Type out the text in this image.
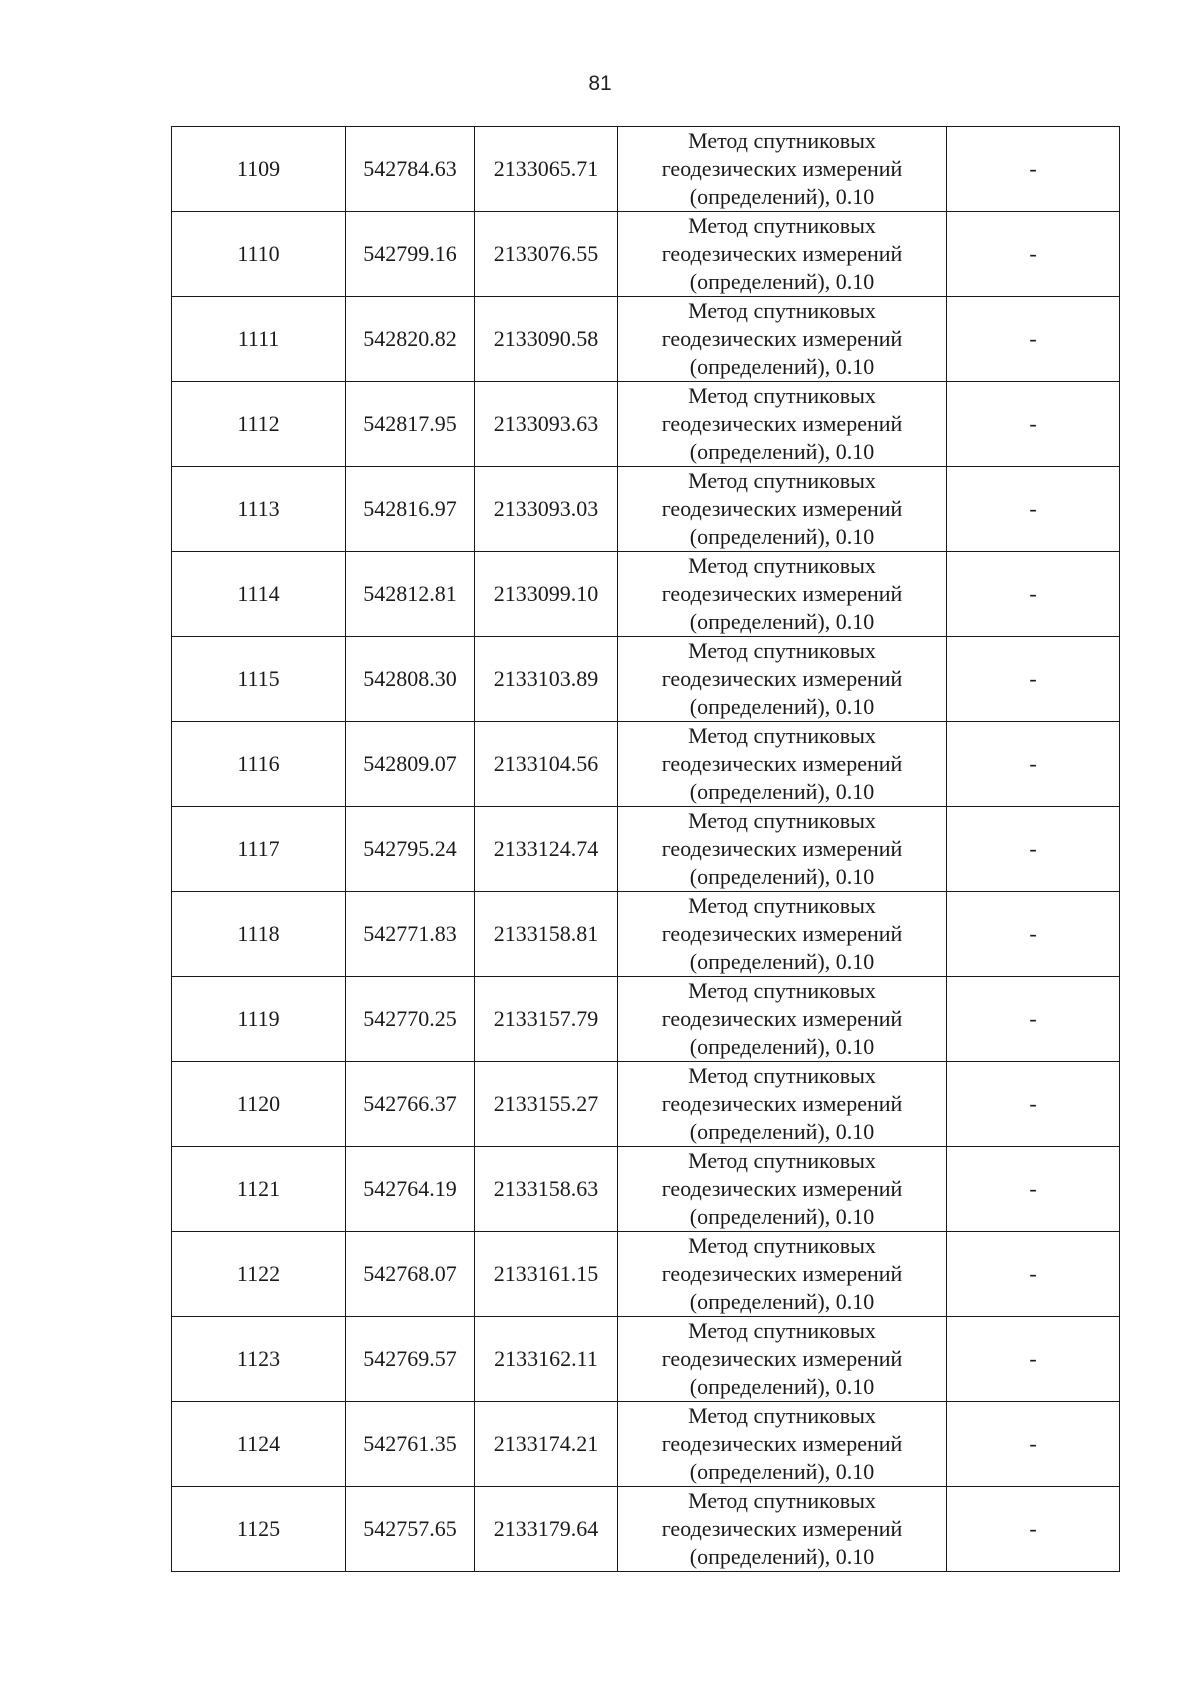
81
1109	542784.63	2133065.71	Метод спутниковых
геодезических измерений
(определений), 0.10	-
1110	542799.16	2133076.55	Метод спутниковых
геодезических измерений
(определений), 0.10	-
1111	542820.82	2133090.58	Метод спутниковых
геодезических измерений
(определений), 0.10	-
1112	542817.95	2133093.63	Метод спутниковых
геодезических измерений
(определений), 0.10	-
1113	542816.97	2133093.03	Метод спутниковых
геодезических измерений
(определений), 0.10	-
1114	542812.81	2133099.10	Метод спутниковых
геодезических измерений
(определений), 0.10	-
1115	542808.30	2133103.89	Метод спутниковых
геодезических измерений
(определений), 0.10	-
1116	542809.07	2133104.56	Метод спутниковых
геодезических измерений
(определений), 0.10	-
1117	542795.24	2133124.74	Метод спутниковых
геодезических измерений
(определений), 0.10	-
1118	542771.83	2133158.81	Метод спутниковых
геодезических измерений
(определений), 0.10	-
1119	542770.25	2133157.79	Метод спутниковых
геодезических измерений
(определений), 0.10	-
1120	542766.37	2133155.27	Метод спутниковых
геодезических измерений
(определений), 0.10	-
1121	542764.19	2133158.63	Метод спутниковых
геодезических измерений
(определений), 0.10	-
1122	542768.07	2133161.15	Метод спутниковых
геодезических измерений
(определений), 0.10	-
1123	542769.57	2133162.11	Метод спутниковых
геодезических измерений
(определений), 0.10	-
1124	542761.35	2133174.21	Метод спутниковых
геодезических измерений
(определений), 0.10	-
1125	542757.65	2133179.64	Метод спутниковых
геодезических измерений
(определений), 0.10	-
